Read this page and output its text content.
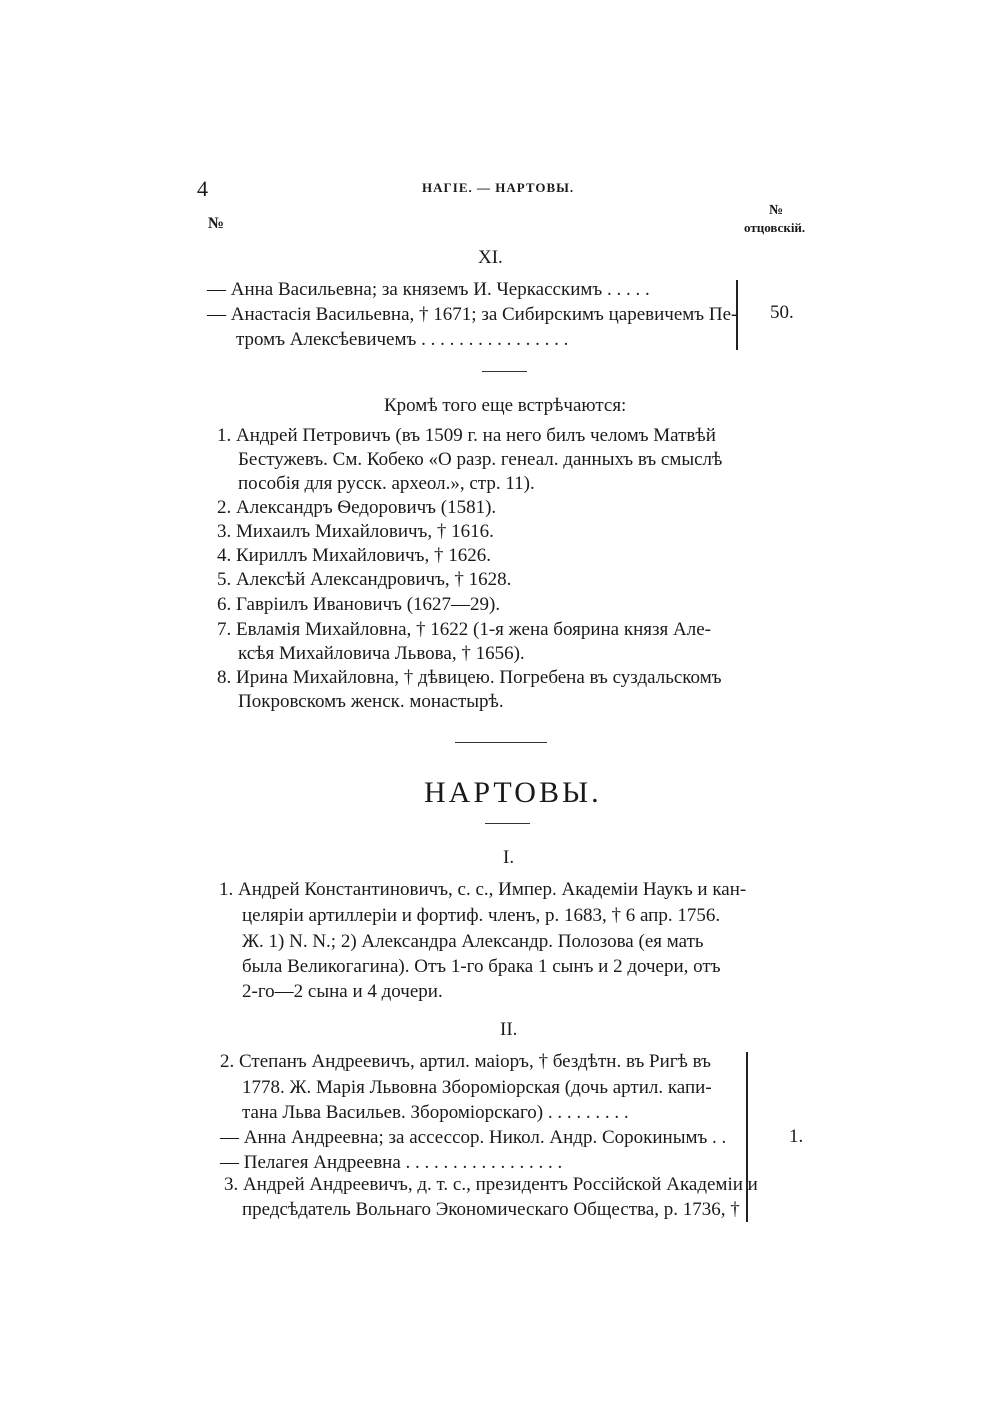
4	НАГІЕ. — НАРТОВЫ.
№
№
отцовскій.
XI.
— Анна Васильевна; за княземъ И. Черкасскимъ . . . . .
— Анастасія Васильевна, † 1671; за Сибирскимъ царевичемъ Пе-
тромъ Алексѣевичемъ . . . . . . . . . . . . . . . .
50.
Кромѣ того еще встрѣчаются:
1. Андрей Петровичъ (въ 1509 г. на него билъ челомъ Матвѣй
Бестужевъ. См. Кобеко «О разр. генеал. данныхъ въ смыслѣ
пособія для русск. археол.», стр. 11).
2. Александръ Ѳедоровичъ (1581).
3. Михаилъ Михайловичъ, † 1616.
4. Кириллъ Михайловичъ, † 1626.
5. Алексѣй Александровичъ, † 1628.
6. Гавріилъ Ивановичъ (1627—29).
7. Евламія Михайловна, † 1622 (1-я жена боярина князя Але-
ксѣя Михайловича Львова, † 1656).
8. Ирина Михайловна, † дѣвицею. Погребена въ суздальскомъ
Покровскомъ женск. монастырѣ.
НАРТОВЫ.
I.
1. Андрей Константиновичъ, с. с., Импер. Академіи Наукъ и кан-
целяріи артиллеріи и фортиф. членъ, р. 1683, † 6 апр. 1756.
Ж. 1) N. N.; 2) Александра Александр. Полозова (ея мать
была Великогагина). Отъ 1-го брака 1 сынъ и 2 дочери, отъ
2-го—2 сына и 4 дочери.
II.
2. Степанъ Андреевичъ, артил. маіоръ, † бездѣтн. въ Ригѣ въ
1778. Ж. Марія Львовна Збороміорская (дочь артил. капи-
тана Льва Васильев. Збороміорскаго) . . . . . . . . .
— Анна Андреевна; за ассессор. Никол. Андр. Сорокинымъ . .
— Пелагея Андреевна . . . . . . . . . . . . . . . . .
3. Андрей Андреевичъ, д. т. с., президентъ Россійской Академіи и
предсѣдатель Вольнаго Экономическаго Общества, р. 1736, †
1.
